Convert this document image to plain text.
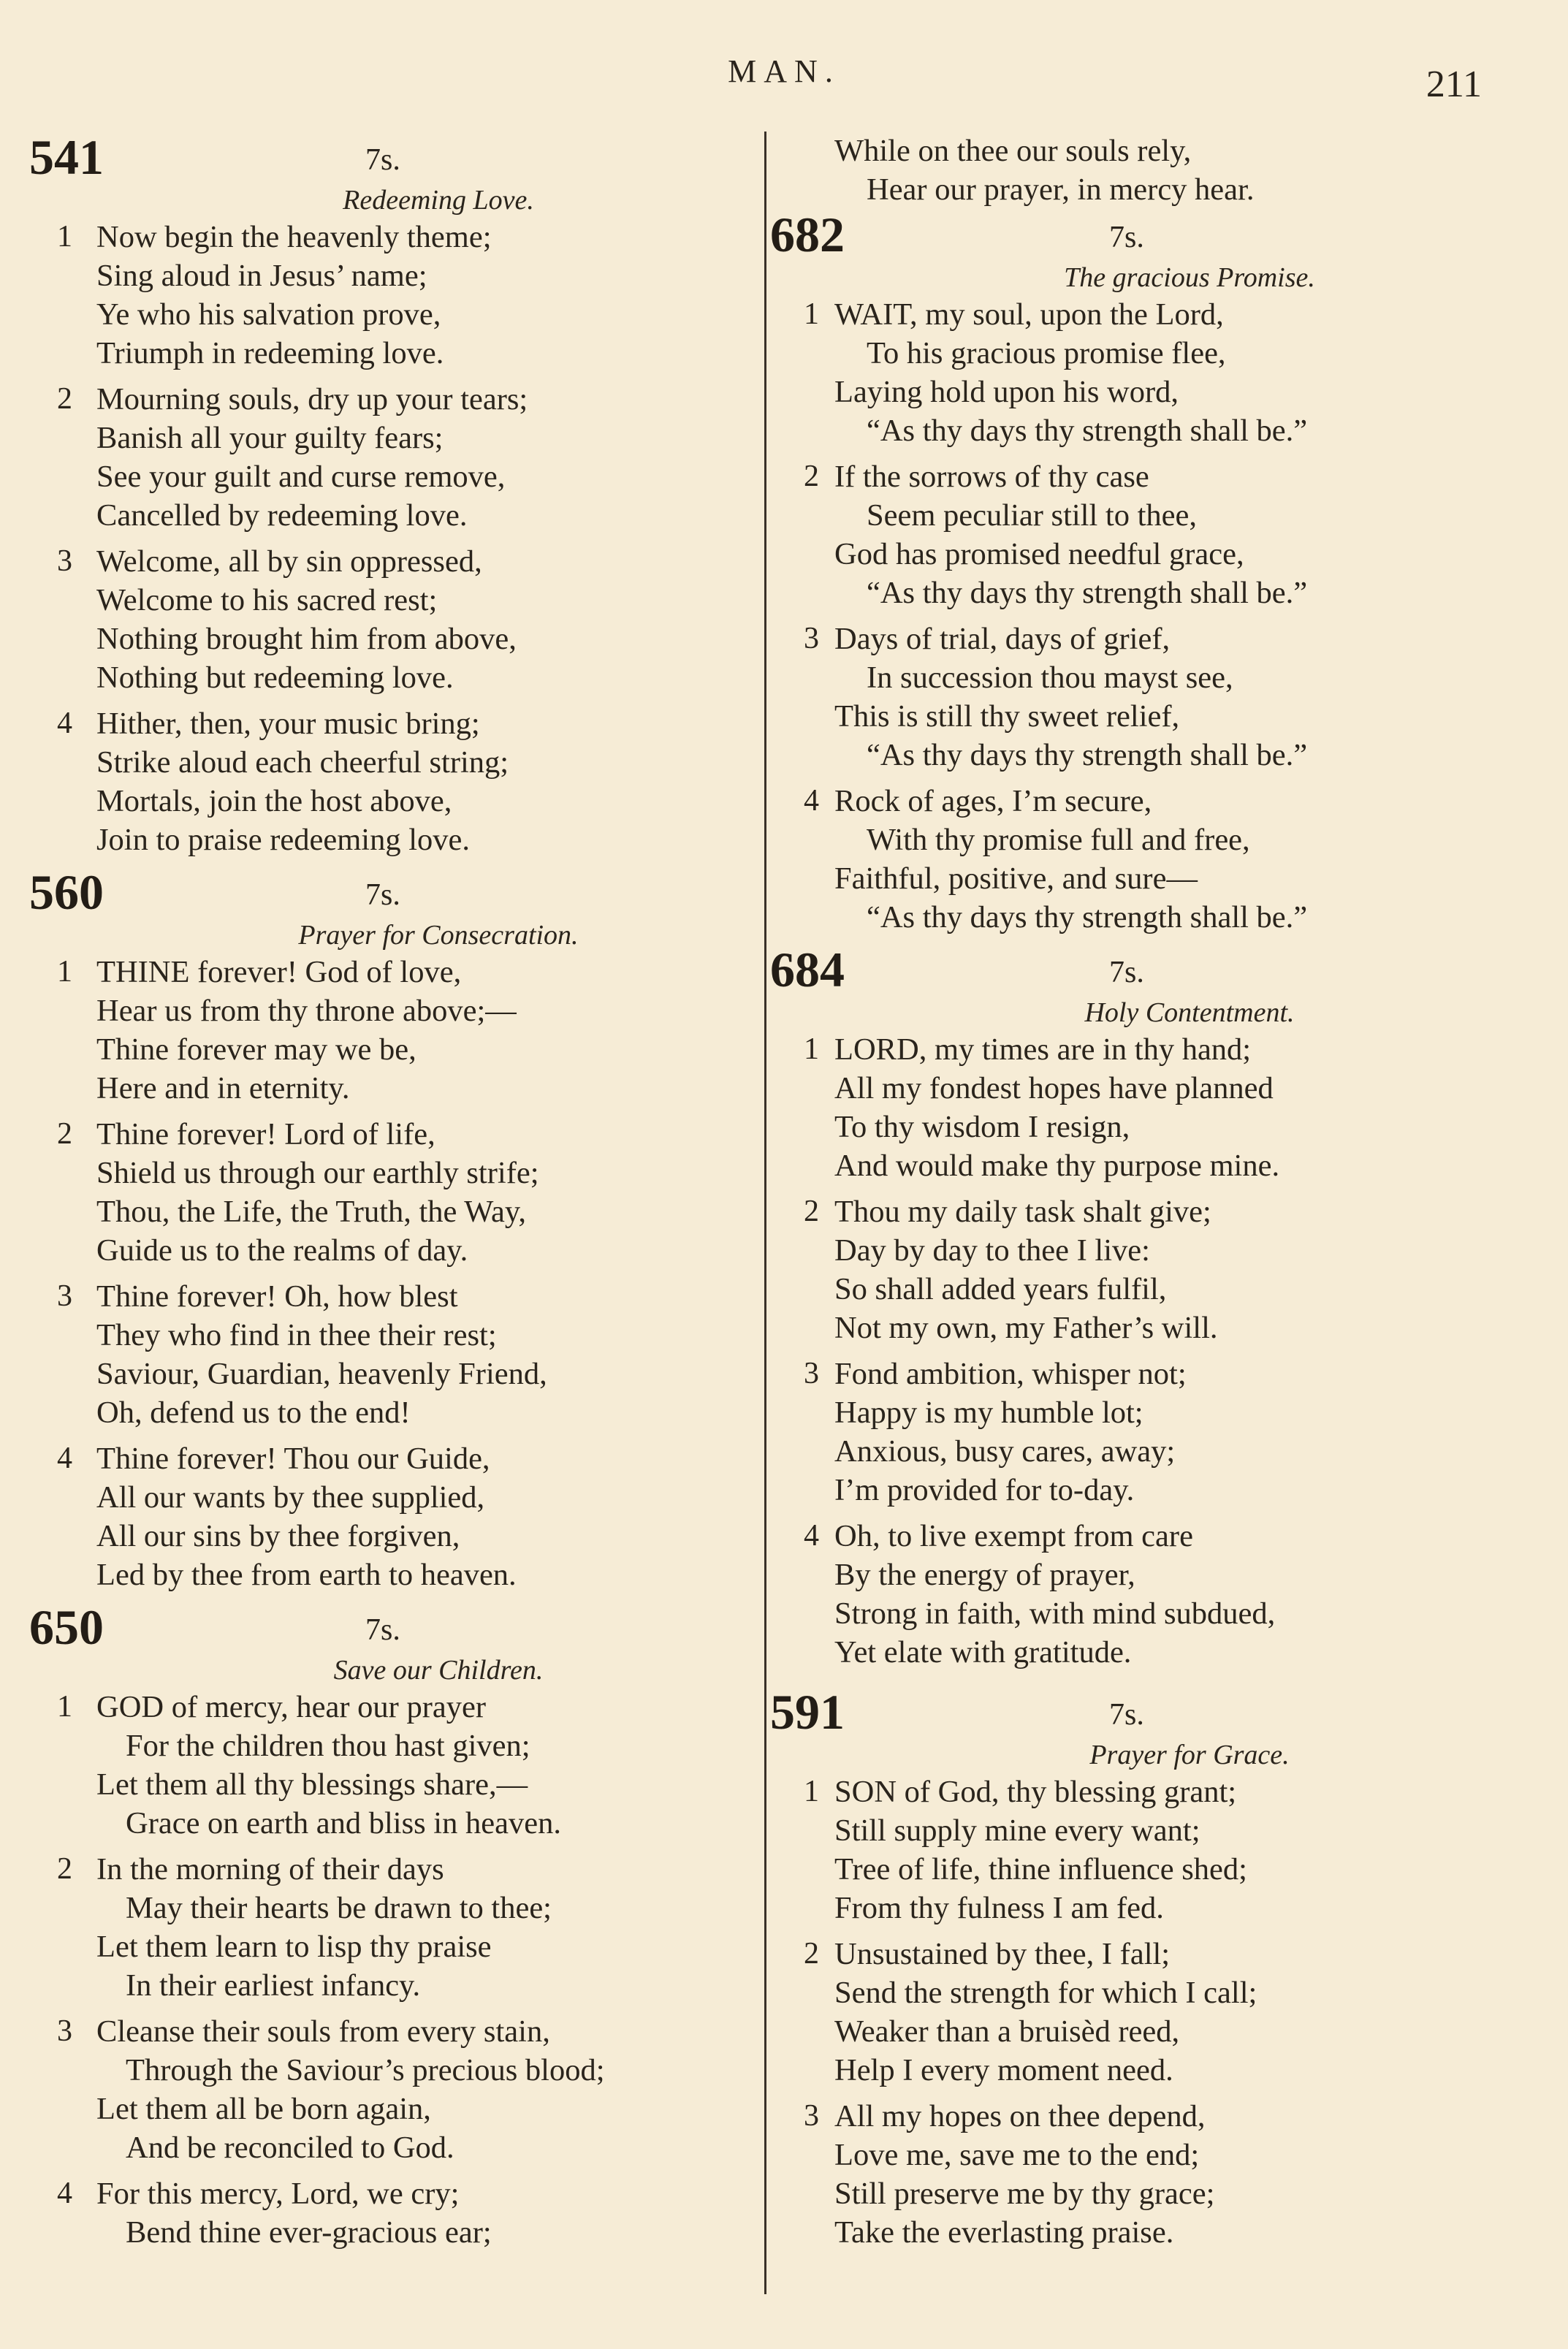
MAN.	211
541	7s.
Redeeming Love.
1 Now begin the heavenly theme;
Sing aloud in Jesus’ name;
Ye who his salvation prove,
Triumph in redeeming love.
2 Mourning souls, dry up your tears;
Banish all your guilty fears;
See your guilt and curse remove,
Cancelled by redeeming love.
3 Welcome, all by sin oppressed,
Welcome to his sacred rest;
Nothing brought him from above,
Nothing but redeeming love.
4 Hither, then, your music bring;
Strike aloud each cheerful string;
Mortals, join the host above,
Join to praise redeeming love.
560	7s.
Prayer for Consecration.
1 THINE forever! God of love,
Hear us from thy throne above;—
Thine forever may we be,
Here and in eternity.
2 Thine forever! Lord of life,
Shield us through our earthly strife;
Thou, the Life, the Truth, the Way,
Guide us to the realms of day.
3 Thine forever! Oh, how blest
They who find in thee their rest;
Saviour, Guardian, heavenly Friend,
Oh, defend us to the end!
4 Thine forever! Thou our Guide,
All our wants by thee supplied,
All our sins by thee forgiven,
Led by thee from earth to heaven.
650	7s.
Save our Children.
1 GOD of mercy, hear our prayer
For the children thou hast given;
Let them all thy blessings share,—
Grace on earth and bliss in heaven.
2 In the morning of their days
May their hearts be drawn to thee;
Let them learn to lisp thy praise
In their earliest infancy.
3 Cleanse their souls from every stain,
Through the Saviour’s precious blood;
Let them all be born again,
And be reconciled to God.
4 For this mercy, Lord, we cry;
Bend thine ever-gracious ear;
While on thee our souls rely,
Hear our prayer, in mercy hear.
682	7s.
The gracious Promise.
1 WAIT, my soul, upon the Lord,
To his gracious promise flee,
Laying hold upon his word,
“As thy days thy strength shall be.”
2 If the sorrows of thy case
Seem peculiar still to thee,
God has promised needful grace,
“As thy days thy strength shall be.”
3 Days of trial, days of grief,
In succession thou mayst see,
This is still thy sweet relief,
“As thy days thy strength shall be.”
4 Rock of ages, I’m secure,
With thy promise full and free,
Faithful, positive, and sure—
“As thy days thy strength shall be.”
684	7s.
Holy Contentment.
1 LORD, my times are in thy hand;
All my fondest hopes have planned
To thy wisdom I resign,
And would make thy purpose mine.
2 Thou my daily task shalt give;
Day by day to thee I live:
So shall added years fulfil,
Not my own, my Father’s will.
3 Fond ambition, whisper not;
Happy is my humble lot;
Anxious, busy cares, away;
I’m provided for to-day.
4 Oh, to live exempt from care
By the energy of prayer,
Strong in faith, with mind subdued,
Yet elate with gratitude.
591	7s.
Prayer for Grace.
1 SON of God, thy blessing grant;
Still supply mine every want;
Tree of life, thine influence shed;
From thy fulness I am fed.
2 Unsustained by thee, I fall;
Send the strength for which I call;
Weaker than a bruisèd reed,
Help I every moment need.
3 All my hopes on thee depend,
Love me, save me to the end;
Still preserve me by thy grace;
Take the everlasting praise.
